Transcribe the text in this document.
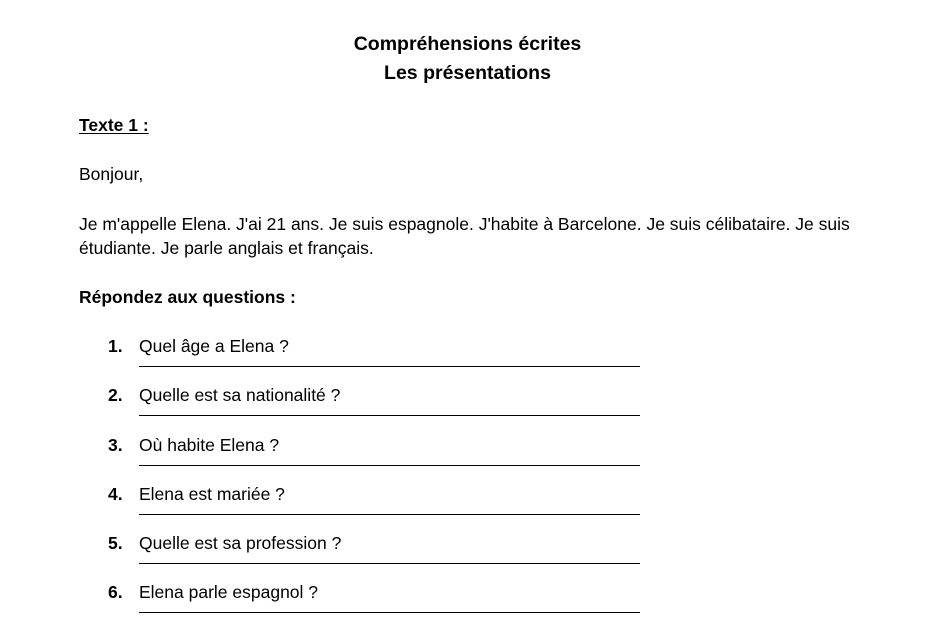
Compréhensions écrites
Les présentations
Texte 1 :
Bonjour,
Je m'appelle Elena. J'ai 21 ans. Je suis espagnole. J'habite à Barcelone. Je suis célibataire. Je suis étudiante. Je parle anglais et français.
Répondez aux questions :
1. Quel âge a Elena ?
2. Quelle est sa nationalité ?
3. Où habite Elena ?
4. Elena est mariée ?
5. Quelle est sa profession ?
6. Elena parle espagnol ?
